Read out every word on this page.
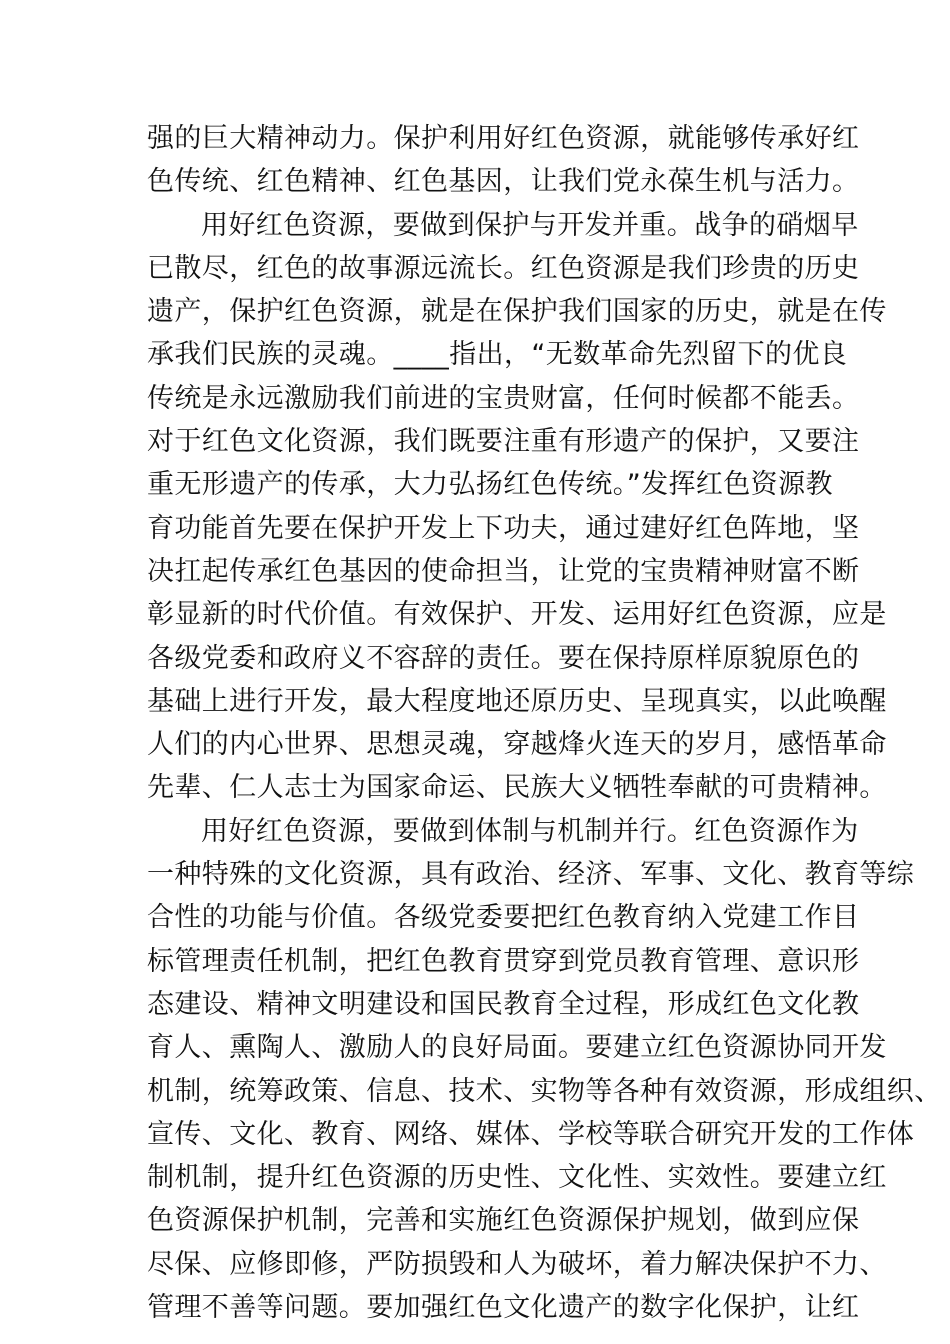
强的巨大精神动力。保护利用好红色资源，就能够传承好红
色传统、红色精神、红色基因，让我们党永葆生机与活力。
用好红色资源，要做到保护与开发并重。战争的硝烟早
已散尽，红色的故事源远流长。红色资源是我们珍贵的历史
遗产，保护红色资源，就是在保护我们国家的历史，就是在传
承我们民族的灵魂。____指出，“无数革命先烈留下的优良
传统是永远激励我们前进的宝贵财富，任何时候都不能丢。
对于红色文化资源，我们既要注重有形遗产的保护，又要注
重无形遗产的传承，大力弘扬红色传统。”发挥红色资源教
育功能首先要在保护开发上下功夫，通过建好红色阵地，坚
决扛起传承红色基因的使命担当，让党的宝贵精神财富不断
彰显新的时代价值。有效保护、开发、运用好红色资源，应是
各级党委和政府义不容辞的责任。要在保持原样原貌原色的
基础上进行开发，最大程度地还原历史、呈现真实，以此唤醒
人们的内心世界、思想灵魂，穿越烽火连天的岁月，感悟革命
先辈、仁人志士为国家命运、民族大义牺牲奉献的可贵精神。
用好红色资源，要做到体制与机制并行。红色资源作为
一种特殊的文化资源，具有政治、经济、军事、文化、教育等综
合性的功能与价值。各级党委要把红色教育纳入党建工作目
标管理责任机制，把红色教育贯穿到党员教育管理、意识形
态建设、精神文明建设和国民教育全过程，形成红色文化教
育人、熏陶人、激励人的良好局面。要建立红色资源协同开发
机制，统筹政策、信息、技术、实物等各种有效资源，形成组织、
宣传、文化、教育、网络、媒体、学校等联合研究开发的工作体
制机制，提升红色资源的历史性、文化性、实效性。要建立红
色资源保护机制，完善和实施红色资源保护规划，做到应保
尽保、应修即修，严防损毁和人为破坏，着力解决保护不力、
管理不善等问题。要加强红色文化遗产的数字化保护，让红
